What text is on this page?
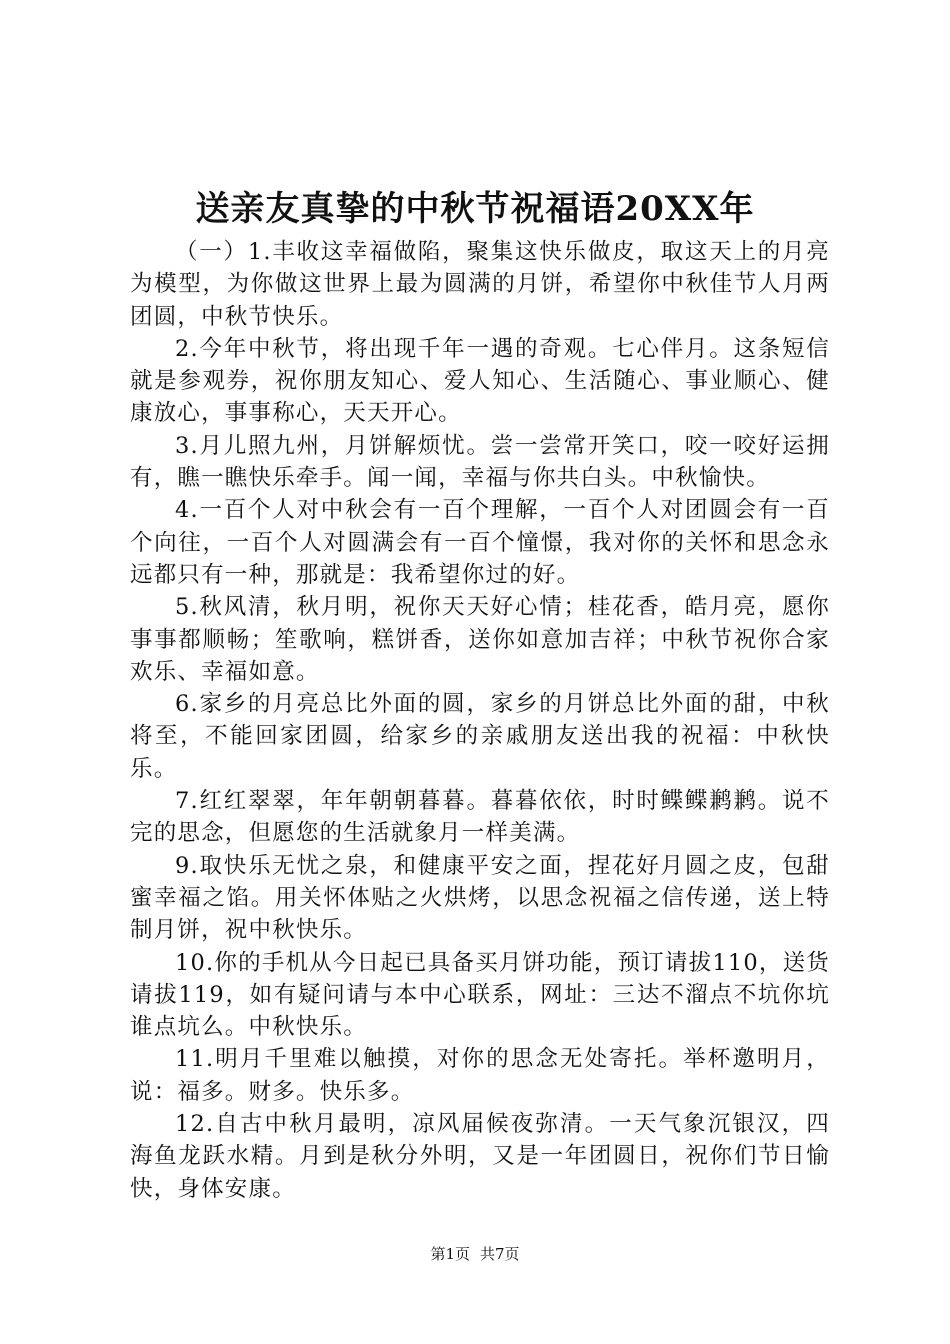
送亲友真挚的中秋节祝福语20XX年

（一）1.丰收这幸福做陷，聚集这快乐做皮，取这天上的月亮为模型，为你做这世界上最为圆满的月饼，希望你中秋佳节人月两团圆，中秋节快乐。

2.今年中秋节，将出现千年一遇的奇观。七心伴月。这条短信就是参观券，祝你朋友知心、爱人知心、生活随心、事业顺心、健康放心，事事称心，天天开心。

3.月儿照九州，月饼解烦忧。尝一尝常开笑口，咬一咬好运拥有，瞧一瞧快乐牵手。闻一闻，幸福与你共白头。中秋愉快。

4.一百个人对中秋会有一百个理解，一百个人对团圆会有一百个向往，一百个人对圆满会有一百个憧憬，我对你的关怀和思念永远都只有一种，那就是：我希望你过的好。

5.秋风清，秋月明，祝你天天好心情；桂花香，皓月亮，愿你事事都顺畅；笙歌响，糕饼香，送你如意加吉祥；中秋节祝你合家欢乐、幸福如意。

6.家乡的月亮总比外面的圆，家乡的月饼总比外面的甜，中秋将至，不能回家团圆，给家乡的亲戚朋友送出我的祝福：中秋快乐。

7.红红翠翠，年年朝朝暮暮。暮暮依依，时时鲽鲽鹣鹣。说不完的思念，但愿您的生活就象月一样美满。

9.取快乐无忧之泉，和健康平安之面，捏花好月圆之皮，包甜蜜幸福之馅。用关怀体贴之火烘烤，以思念祝福之信传递，送上特制月饼，祝中秋快乐。

10.你的手机从今日起已具备买月饼功能，预订请拔110，送货请拔119，如有疑问请与本中心联系，网址：三达不溜点不坑你坑谁点坑么。中秋快乐。

11.明月千里难以触摸，对你的思念无处寄托。举杯邀明月，说：福多。财多。快乐多。

12.自古中秋月最明，凉风届候夜弥清。一天气象沉银汉，四海鱼龙跃水精。月到是秋分外明，又是一年团圆日，祝你们节日愉快，身体安康。

第1页 共7页
